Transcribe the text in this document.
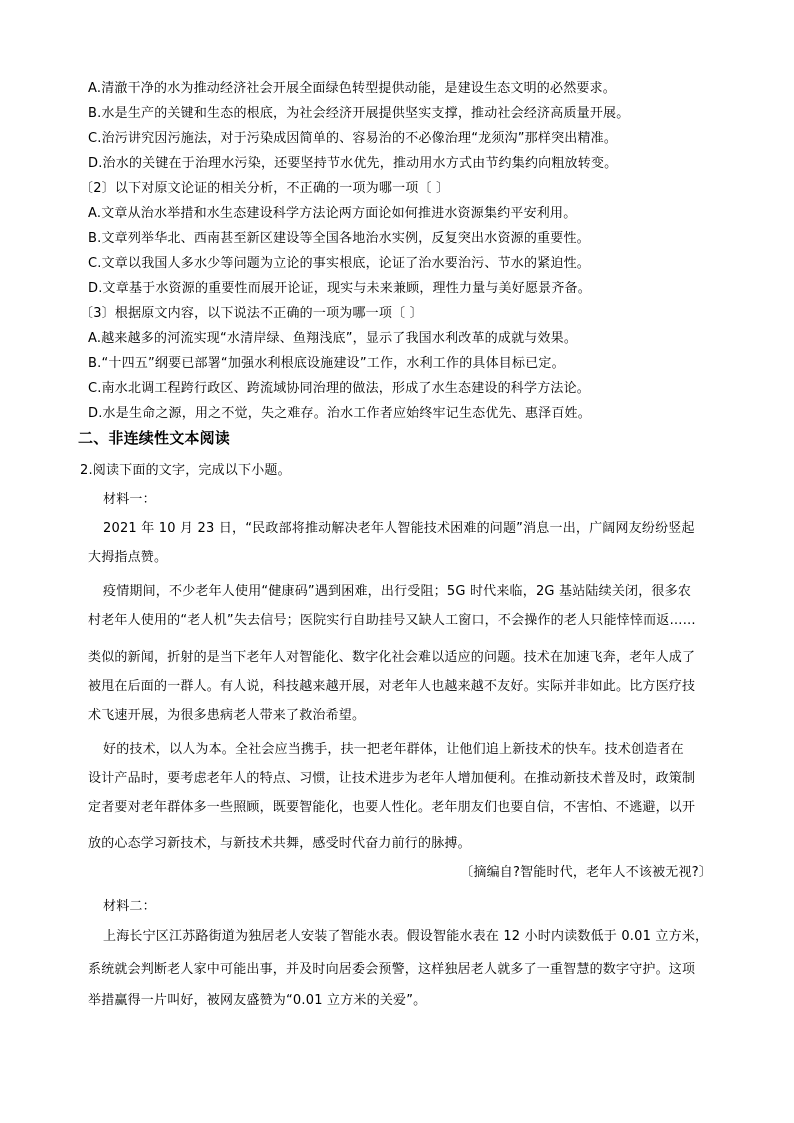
A.清澈干净的水为推动经济社会开展全面绿色转型提供动能，是建设生态文明的必然要求。
B.水是生产的关键和生态的根底，为社会经济开展提供坚实支撑，推动社会经济高质量开展。
C.治污讲究因污施法，对于污染成因简单的、容易治的不必像治理“龙须沟”那样突出精准。
D.治水的关键在于治理水污染，还要坚持节水优先，推动用水方式由节约集约向粗放转变。
〔2〕以下对原文论证的相关分析，不正确的一项为哪一项〔 〕
A.文章从治水举措和水生态建设科学方法论两方面论如何推进水资源集约平安利用。
B.文章列举华北、西南甚至新区建设等全国各地治水实例，反复突出水资源的重要性。
C.文章以我国人多水少等问题为立论的事实根底，论证了治水要治污、节水的紧迫性。
D.文章基于水资源的重要性而展开论证，现实与未来兼顾，理性力量与美好愿景齐备。
〔3〕根据原文内容，以下说法不正确的一项为哪一项〔 〕
A.越来越多的河流实现“水清岸绿、鱼翔浅底”，显示了我国水利改革的成就与效果。
B.“十四五”纲要已部署“加强水利根底设施建设”工作，水利工作的具体目标已定。
C.南水北调工程跨行政区、跨流域协同治理的做法，形成了水生态建设的科学方法论。
D.水是生命之源，用之不觉，失之难存。治水工作者应始终牢记生态优先、惠泽百姓。
二、非连续性文本阅读
2.阅读下面的文字，完成以下小题。
材料一：
2021 年 10 月 23 日，“民政部将推动解决老年人智能技术困难的问题”消息一出，广阔网友纷纷竖起
大拇指点赞。
疫情期间，不少老年人使用“健康码”遇到困难，出行受阻；5G 时代来临，2G 基站陆续关闭，很多农
村老年人使用的“老人机”失去信号；医院实行自助挂号又缺人工窗口，不会操作的老人只能悻悻而返……
类似的新闻，折射的是当下老年人对智能化、数字化社会难以适应的问题。技术在加速飞奔，老年人成了
被甩在后面的一群人。有人说，科技越来越开展，对老年人也越来越不友好。实际并非如此。比方医疗技
术飞速开展，为很多患病老人带来了救治希望。
好的技术，以人为本。全社会应当携手，扶一把老年群体，让他们追上新技术的快车。技术创造者在
设计产品时，要考虑老年人的特点、习惯，让技术进步为老年人增加便利。在推动新技术普及时，政策制
定者要对老年群体多一些照顾，既要智能化，也要人性化。老年朋友们也要自信，不害怕、不逃避，以开
放的心态学习新技术，与新技术共舞，感受时代奋力前行的脉搏。
〔摘编自?智能时代，老年人不该被无视?〕
材料二：
上海长宁区江苏路街道为独居老人安装了智能水表。假设智能水表在 12 小时内读数低于 0.01 立方米，
系统就会判断老人家中可能出事，并及时向居委会预警，这样独居老人就多了一重智慧的数字守护。这项
举措赢得一片叫好，被网友盛赞为“0.01 立方米的关爱”。
